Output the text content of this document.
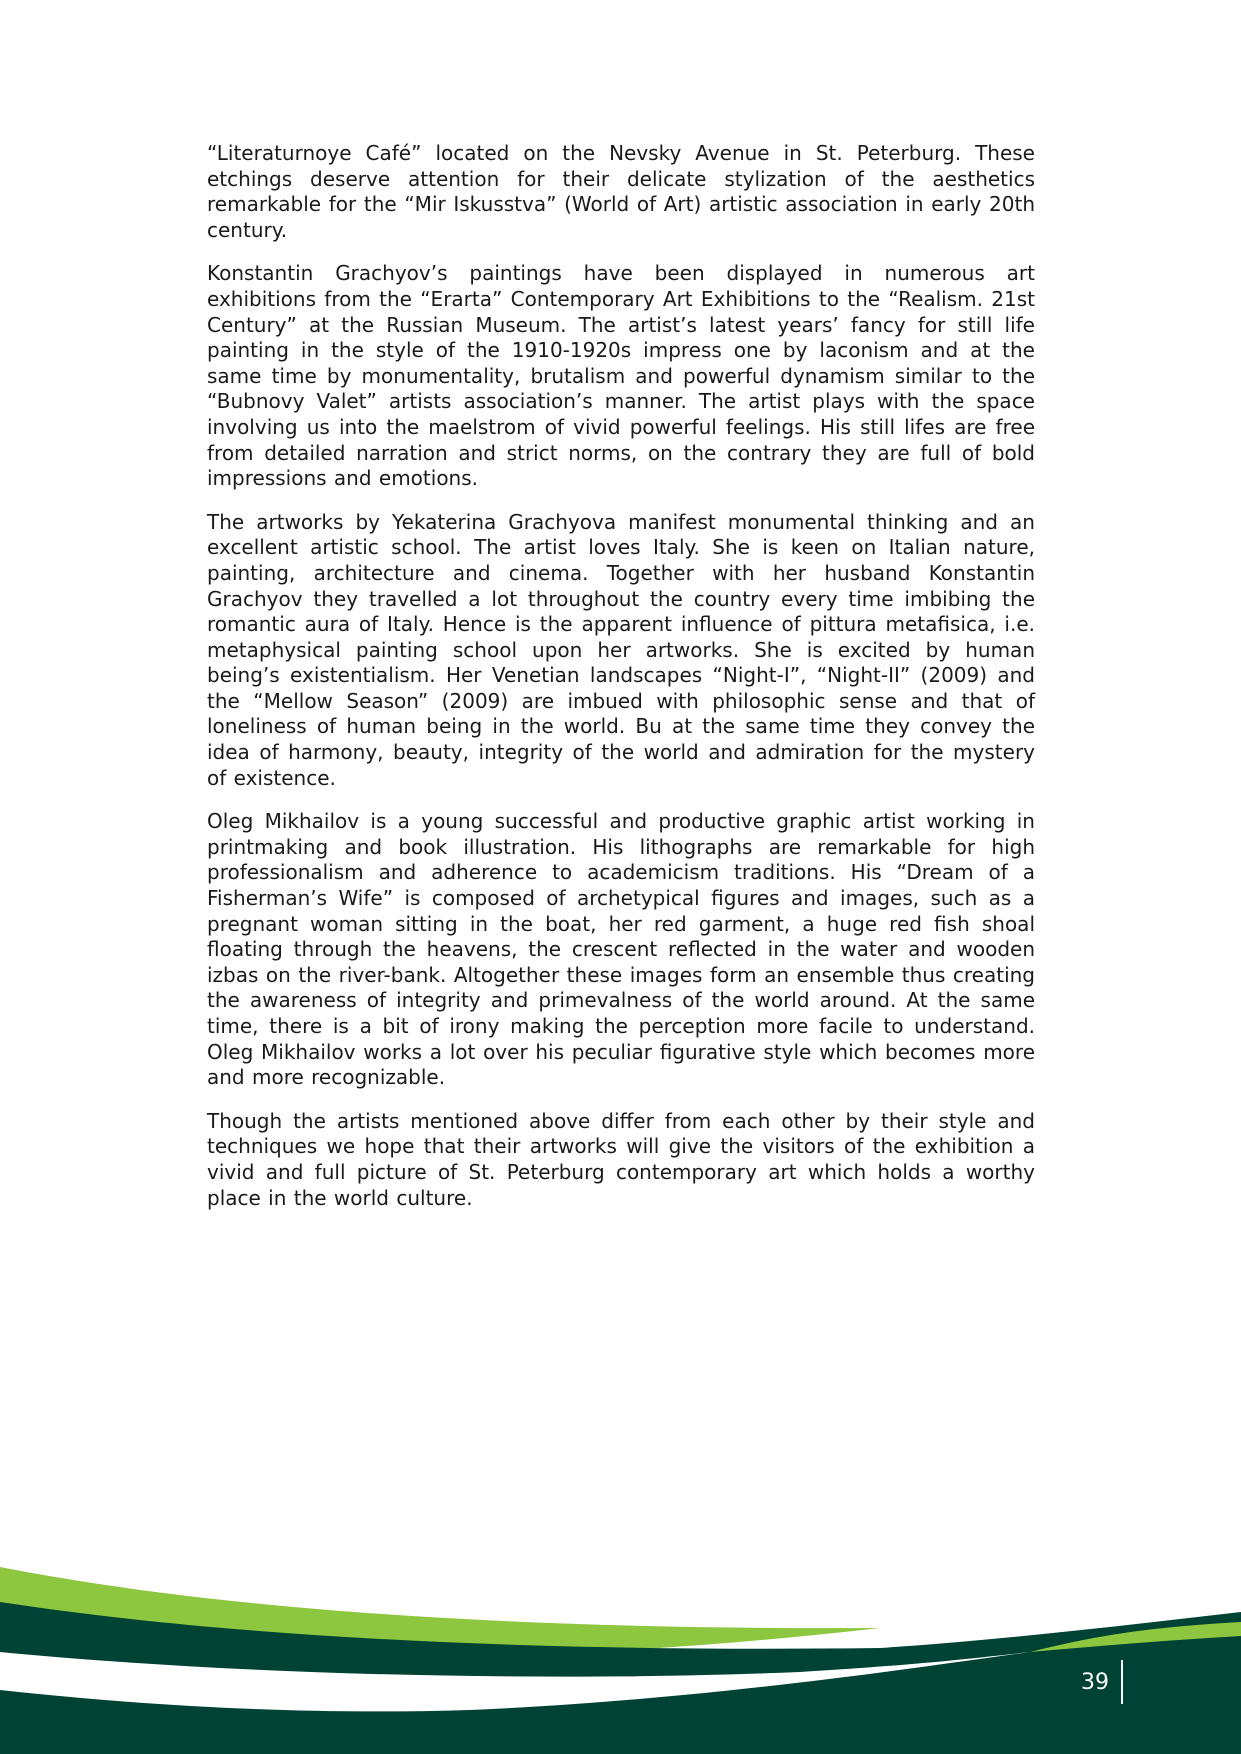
“Literaturnoye Café” located on the Nevsky Avenue in St. Peterburg. These etchings deserve attention for their delicate stylization of the aesthetics remarkable for the “Mir Iskusstva” (World of Art) artistic association in early 20th century.

Konstantin Grachyov’s paintings have been displayed in numerous art exhibitions from the “Erarta” Contemporary Art Exhibitions to the “Realism. 21st Century” at the Russian Museum. The artist’s latest years’ fancy for still life painting in the style of the 1910-1920s impress one by laconism and at the same time by monumentality, brutalism and powerful dynamism similar to the “Bubnovy Valet” artists association’s manner. The artist plays with the space involving us into the maelstrom of vivid powerful feelings. His still lifes are free from detailed narration and strict norms, on the contrary they are full of bold impressions and emotions.

The artworks by Yekaterina Grachyova manifest monumental thinking and an excellent artistic school. The artist loves Italy. She is keen on Italian nature, painting, architecture and cinema. Together with her husband Konstantin Grachyov they travelled a lot throughout the country every time imbibing the romantic aura of Italy. Hence is the apparent influence of pittura metafisica, i.e. metaphysical painting school upon her artworks. She is excited by human being’s existentialism. Her Venetian landscapes “Night-I”, “Night-II” (2009) and the “Mellow Season” (2009) are imbued with philosophic sense and that of loneliness of human being in the world. Bu at the same time they convey the idea of harmony, beauty, integrity of the world and admiration for the mystery of existence.

Oleg Mikhailov is a young successful and productive graphic artist working in printmaking and book illustration. His lithographs are remarkable for high professionalism and adherence to academicism traditions. His “Dream of a Fisherman’s Wife” is composed of archetypical figures and images, such as a pregnant woman sitting in the boat, her red garment, a huge red fish shoal floating through the heavens, the crescent reflected in the water and wooden izbas on the river-bank. Altogether these images form an ensemble thus creating the awareness of integrity and primevalness of the world around. At the same time, there is a bit of irony making the perception more facile to understand. Oleg Mikhailov works a lot over his peculiar figurative style which becomes more and more recognizable.

Though the artists mentioned above differ from each other by their style and techniques we hope that their artworks will give the visitors of the exhibition a vivid and full picture of St. Peterburg contemporary art which holds a worthy place in the world culture.

39
